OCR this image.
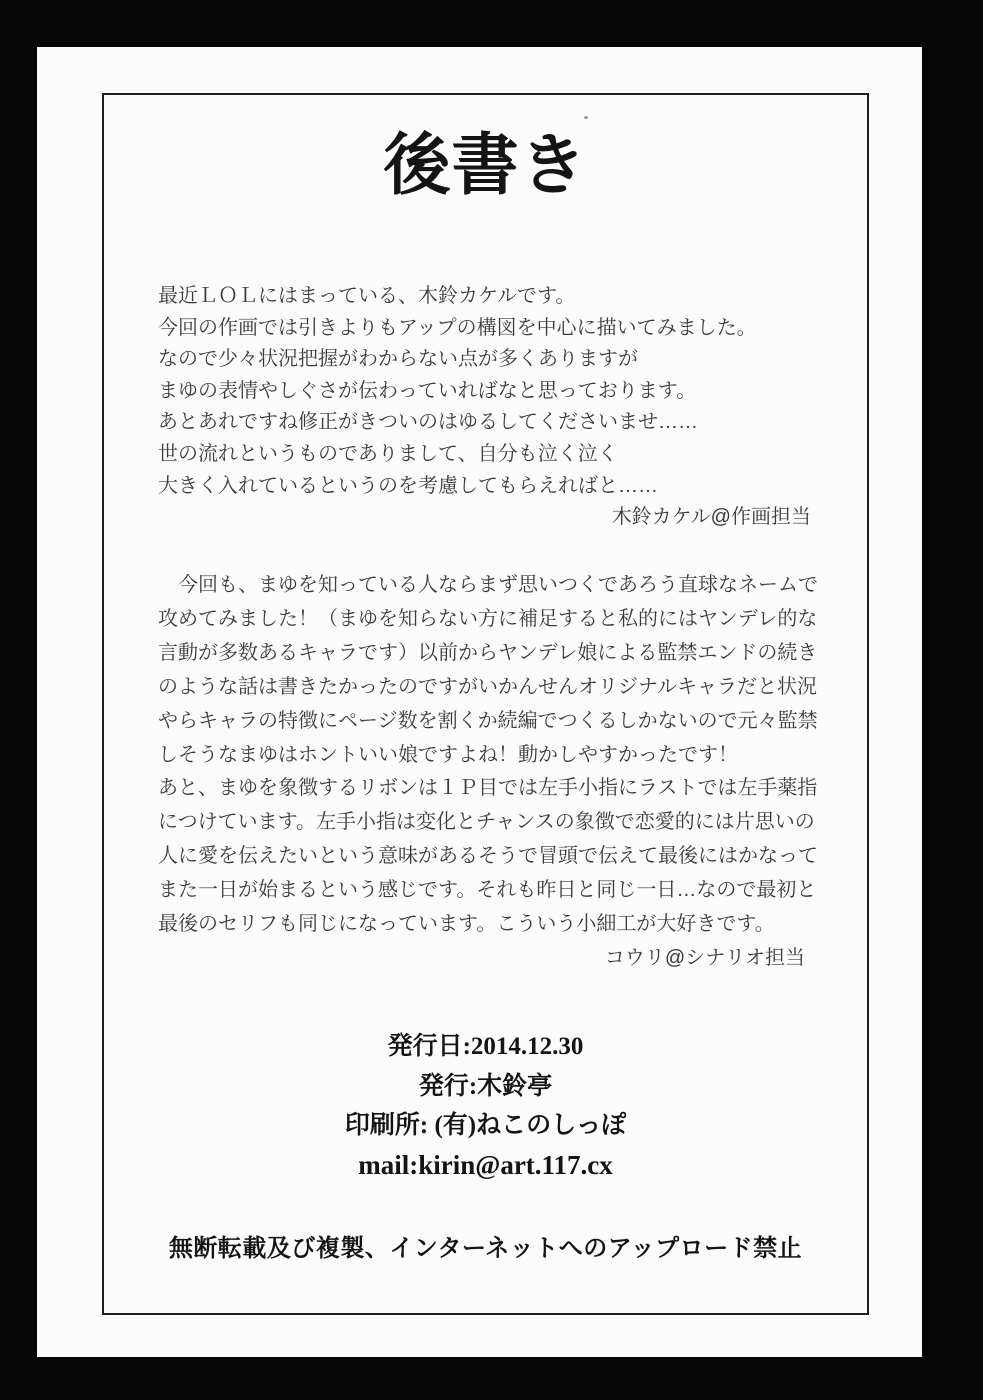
後書き
最近ＬＯＬにはまっている、木鈴カケルです。
今回の作画では引きよりもアップの構図を中心に描いてみました。
なので少々状況把握がわからない点が多くありますが
まゆの表情やしぐさが伝わっていればなと思っております。
あとあれですね修正がきついのはゆるしてくださいませ……
世の流れというものでありまして、自分も泣く泣く
大きく入れているというのを考慮してもらえればと……
木鈴カケル@作画担当
　今回も、まゆを知っている人ならまず思いつくであろう直球なネームで
攻めてみました！（まゆを知らない方に補足すると私的にはヤンデレ的な
言動が多数あるキャラです）以前からヤンデレ娘による監禁エンドの続き
のような話は書きたかったのですがいかんせんオリジナルキャラだと状況
やらキャラの特徴にページ数を割くか続編でつくるしかないので元々監禁
しそうなまゆはホントいい娘ですよね！動かしやすかったです！
あと、まゆを象徴するリボンは１Ｐ目では左手小指にラストでは左手薬指
につけています。左手小指は変化とチャンスの象徴で恋愛的には片思いの
人に愛を伝えたいという意味があるそうで冒頭で伝えて最後にはかなって
また一日が始まるという感じです。それも昨日と同じ一日…なので最初と
最後のセリフも同じになっています。こういう小細工が大好きです。
コウリ@シナリオ担当
発行日:2014.12.30
発行:木鈴亭
印刷所: (有)ねこのしっぽ
mail:kirin@art.117.cx
無断転載及び複製、インターネットへのアップロード禁止
